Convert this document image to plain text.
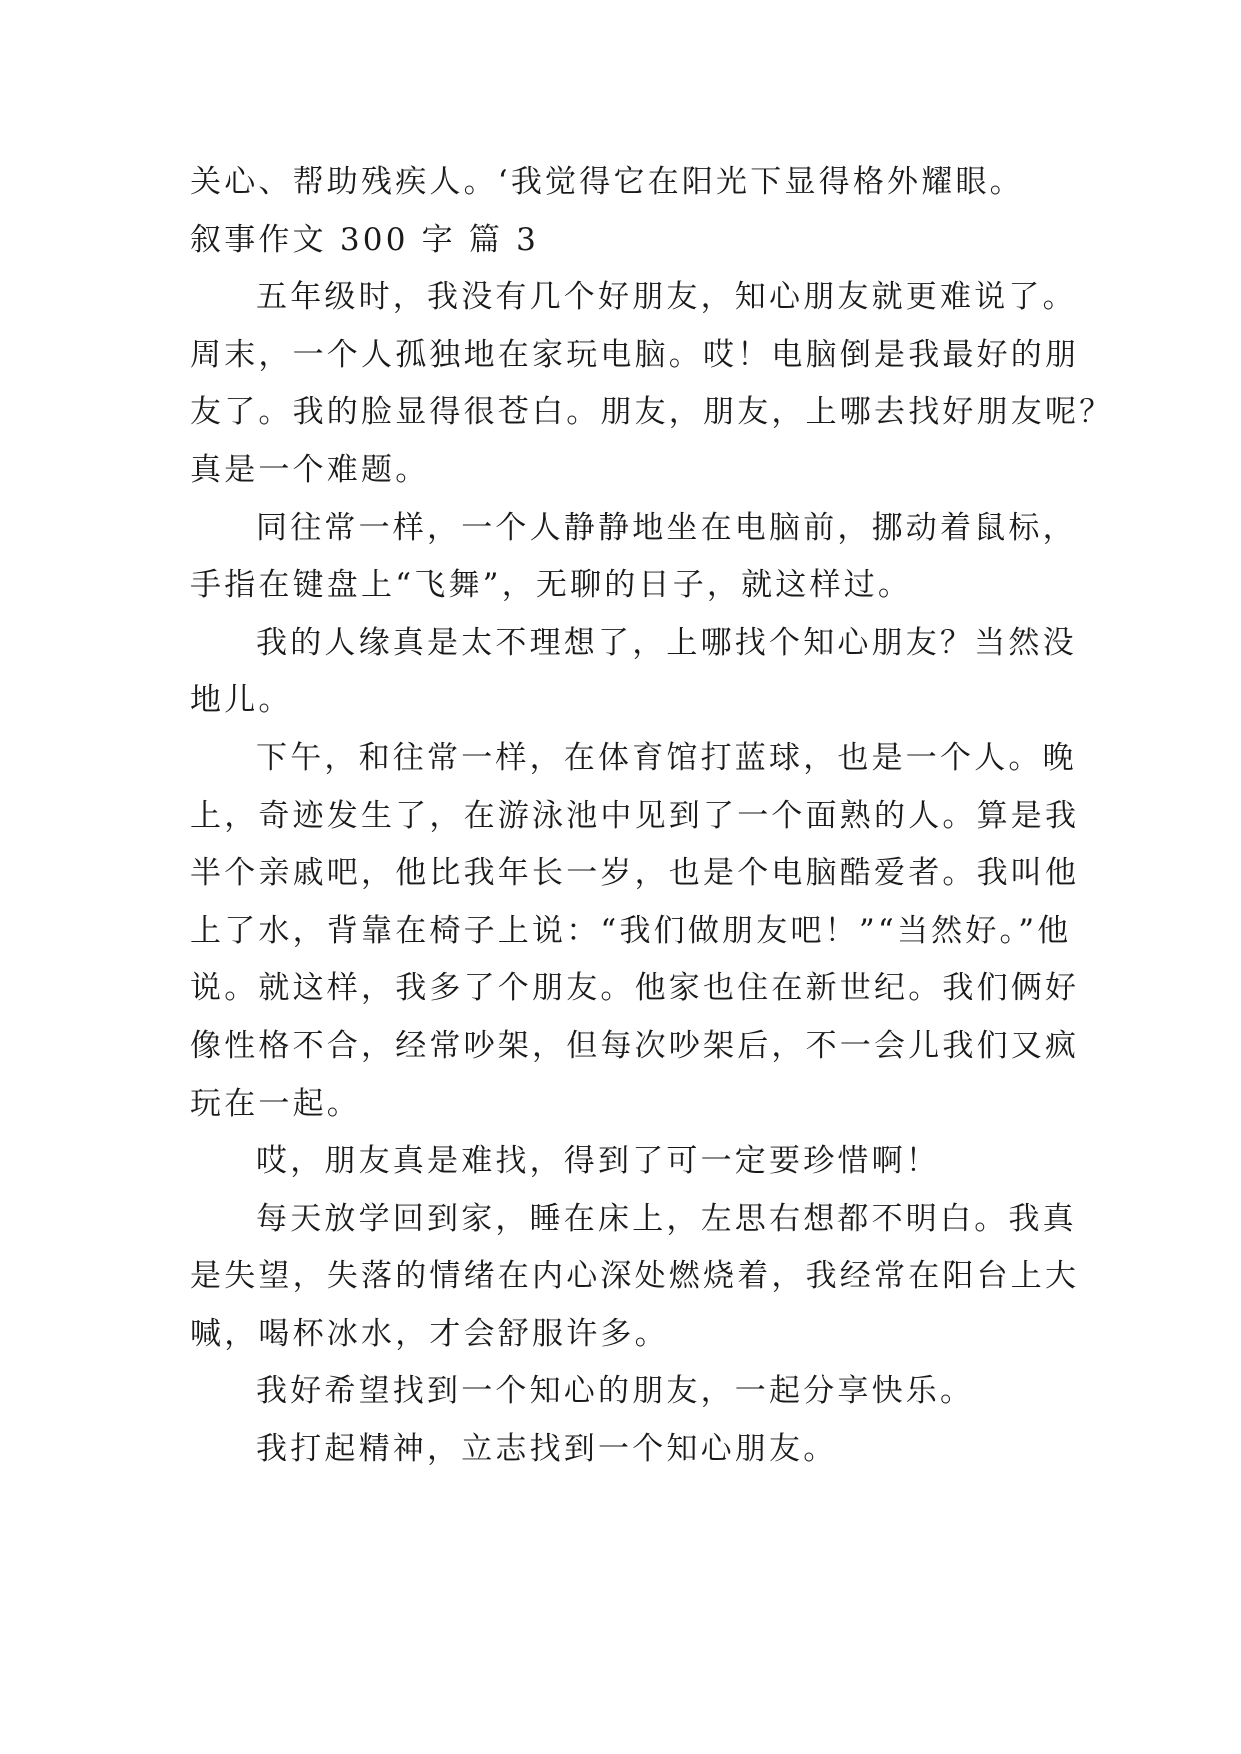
关心、帮助残疾人。‘我觉得它在阳光下显得格外耀眼。

叙事作文 300 字 篇 3

五年级时，我没有几个好朋友，知心朋友就更难说了。

周末，一个人孤独地在家玩电脑。哎！电脑倒是我最好的朋

友了。我的脸显得很苍白。朋友，朋友，上哪去找好朋友呢？

真是一个难题。

同往常一样，一个人静静地坐在电脑前，挪动着鼠标，

手指在键盘上“飞舞”，无聊的日子，就这样过。

我的人缘真是太不理想了，上哪找个知心朋友？当然没

地儿。

下午，和往常一样，在体育馆打蓝球，也是一个人。晚

上，奇迹发生了，在游泳池中见到了一个面熟的人。算是我

半个亲戚吧，他比我年长一岁，也是个电脑酷爱者。我叫他

上了水，背靠在椅子上说：“我们做朋友吧！”“当然好。”他

说。就这样，我多了个朋友。他家也住在新世纪。我们俩好

像性格不合，经常吵架，但每次吵架后，不一会儿我们又疯

玩在一起。

哎，朋友真是难找，得到了可一定要珍惜啊！

每天放学回到家，睡在床上，左思右想都不明白。我真

是失望，失落的情绪在内心深处燃烧着，我经常在阳台上大

喊，喝杯冰水，才会舒服许多。

我好希望找到一个知心的朋友，一起分享快乐。

我打起精神，立志找到一个知心朋友。
